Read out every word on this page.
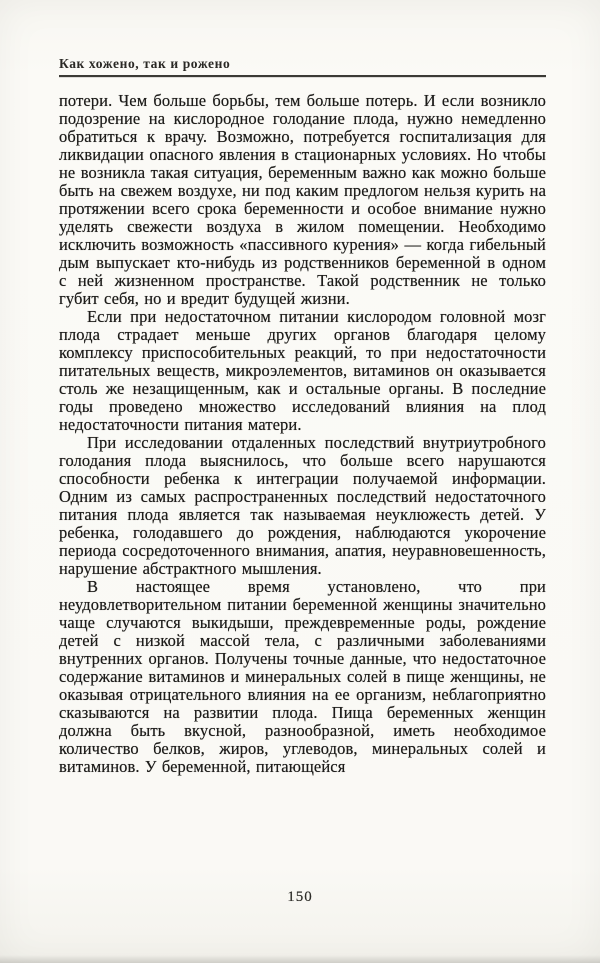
Как хожено, так и рожено

потери. Чем больше борьбы, тем больше потерь. И если возникло подозрение на кислородное голодание плода, нужно немедленно обратиться к врачу. Возможно, потребуется госпитализация для ликвидации опасного явления в стационарных условиях. Но чтобы не возникла такая ситуация, беременным важно как можно больше быть на свежем воздухе, ни под каким предлогом нельзя курить на протяжении всего срока беременности и особое внимание нужно уделять свежести воздуха в жилом помещении. Необходимо исключить возможность «пассивного курения» — когда гибельный дым выпускает кто-нибудь из родственников беременной в одном с ней жизненном пространстве. Такой родственник не только губит себя, но и вредит будущей жизни.

Если при недостаточном питании кислородом головной мозг плода страдает меньше других органов благодаря целому комплексу приспособительных реакций, то при недостаточности питательных веществ, микроэлементов, витаминов он оказывается столь же незащищенным, как и остальные органы. В последние годы проведено множество исследований влияния на плод недостаточности питания матери.

При исследовании отдаленных последствий внутриутробного голодания плода выяснилось, что больше всего нарушаются способности ребенка к интеграции получаемой информации. Одним из самых распространенных последствий недостаточного питания плода является так называемая неуклюжесть детей. У ребенка, голодавшего до рождения, наблюдаются укорочение периода сосредоточенного внимания, апатия, неуравновешенность, нарушение абстрактного мышления.

В настоящее время установлено, что при неудовлетворительном питании беременной женщины значительно чаще случаются выкидыши, преждевременные роды, рождение детей с низкой массой тела, с различными заболеваниями внутренних органов. Получены точные данные, что недостаточное содержание витаминов и минеральных солей в пище женщины, не оказывая отрицательного влияния на ее организм, неблагоприятно сказываются на развитии плода. Пища беременных женщин должна быть вкусной, разнообразной, иметь необходимое количество белков, жиров, углеводов, минеральных солей и витаминов. У беременной, питающейся

150
